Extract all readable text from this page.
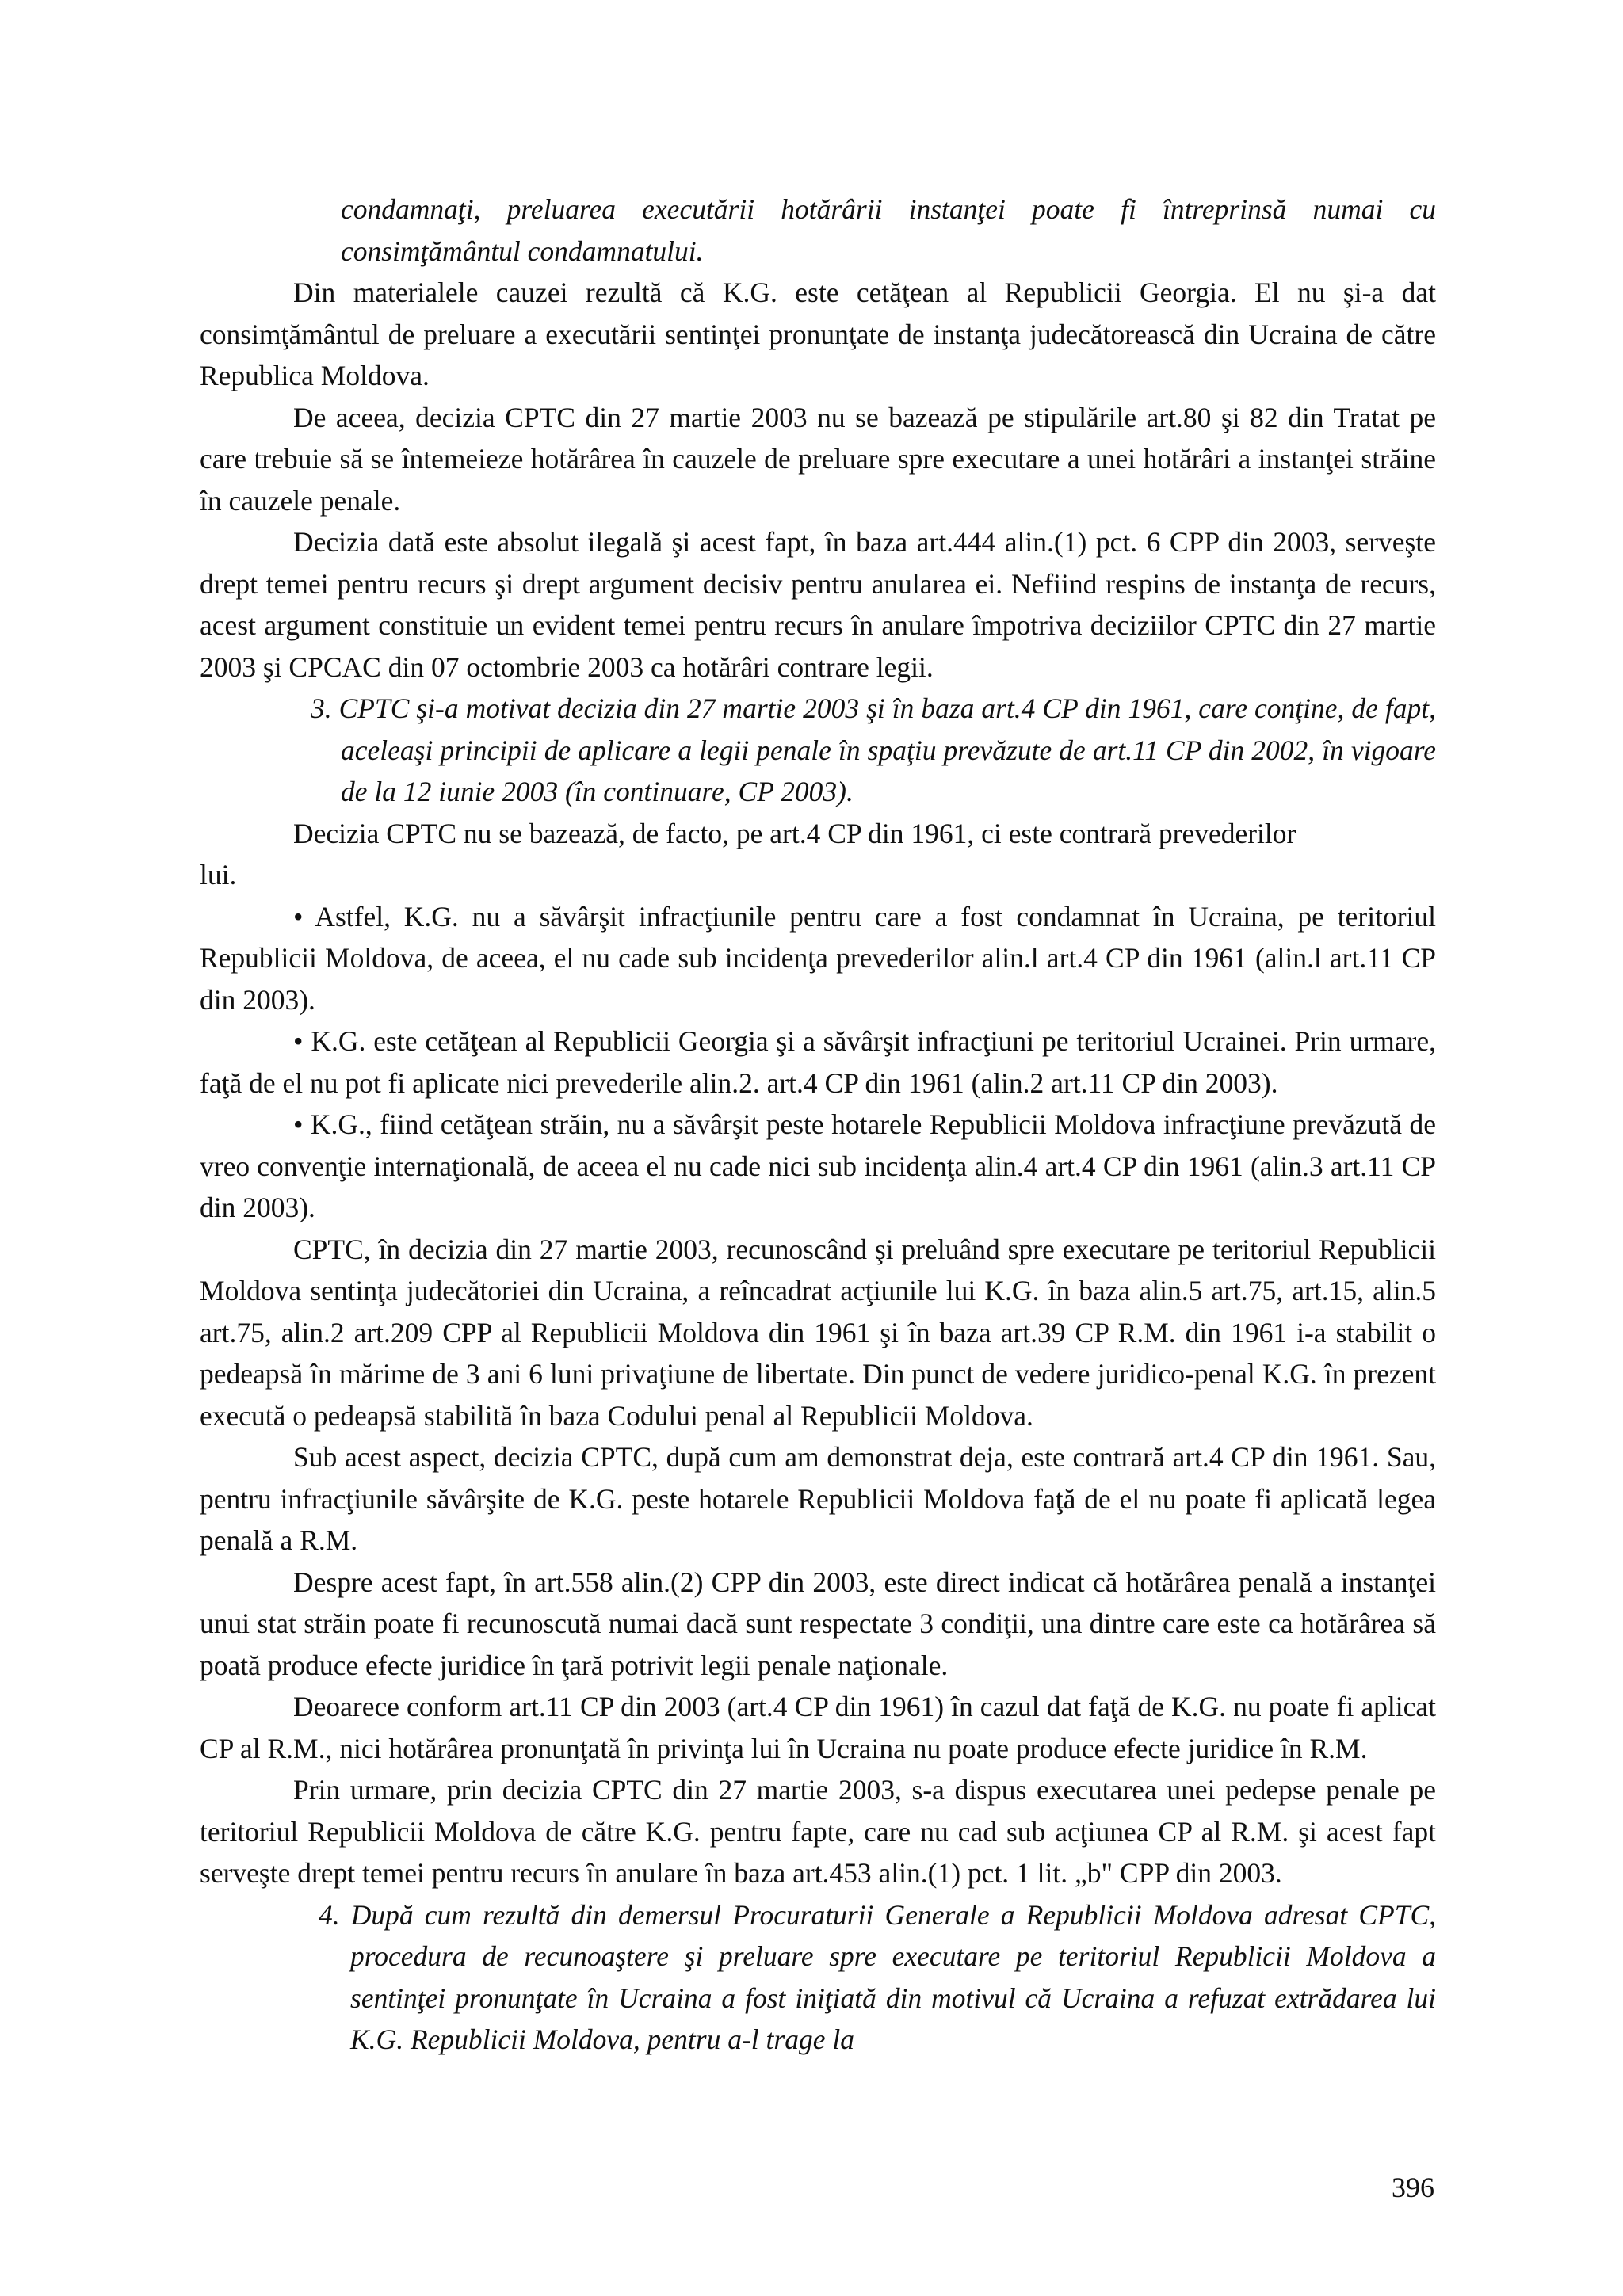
condamnaţi, preluarea executării hotărârii instanţei poate fi întreprinsă numai cu consimţământul condamnatului.

Din materialele cauzei rezultă că K.G. este cetăţean al Republicii Georgia. El nu şi-a dat consimţământul de preluare a executării sentinţei pronunţate de instanţa judecătorească din Ucraina de către Republica Moldova.

De aceea, decizia CPTC din 27 martie 2003 nu se bazează pe stipulările art.80 şi 82 din Tratat pe care trebuie să se întemeieze hotărârea în cauzele de preluare spre executare a unei hotărâri a instanţei străine în cauzele penale.

Decizia dată este absolut ilegală şi acest fapt, în baza art.444 alin.(1) pct. 6 CPP din 2003, serveşte drept temei pentru recurs şi drept argument decisiv pentru anularea ei. Nefiind respins de instanţa de recurs, acest argument constituie un evident temei pentru recurs în anulare împotriva deciziilor CPTC din 27 martie 2003 şi CPCAC din 07 octombrie 2003 ca hotărâri contrare legii.

3. CPTC şi-a motivat decizia din 27 martie 2003 şi în baza art.4 CP din 1961, care conţine, de fapt, aceleaşi principii de aplicare a legii penale în spaţiu prevăzute de art.11 CP din 2002, în vigoare de la 12 iunie 2003 (în continuare, CP 2003).

Decizia CPTC nu se bazează, de facto, pe art.4 CP din 1961, ci este contrară prevederilor

lui.

• Astfel, K.G. nu a săvârşit infracţiunile pentru care a fost condamnat în Ucraina, pe teritoriul Republicii Moldova, de aceea, el nu cade sub incidenţa prevederilor alin.l art.4 CP din 1961 (alin.l art.11 CP din 2003).

• K.G. este cetăţean al Republicii Georgia şi a săvârşit infracţiuni pe teritoriul Ucrainei. Prin urmare, faţă de el nu pot fi aplicate nici prevederile alin.2. art.4 CP din 1961 (alin.2 art.11 CP din 2003).

• K.G., fiind cetăţean străin, nu a săvârşit peste hotarele Republicii Moldova infracţiune prevăzută de vreo convenţie internaţională, de aceea el nu cade nici sub incidenţa alin.4 art.4 CP din 1961 (alin.3 art.11 CP din 2003).

CPTC, în decizia din 27 martie 2003, recunoscând şi preluând spre executare pe teritoriul Republicii Moldova sentinţa judecătoriei din Ucraina, a reîncadrat acţiunile lui K.G. în baza alin.5 art.75, art.15, alin.5 art.75, alin.2 art.209 CPP al Republicii Moldova din 1961 şi în baza art.39 CP R.M. din 1961 i-a stabilit o pedeapsă în mărime de 3 ani 6 luni privaţiune de libertate. Din punct de vedere juridico-penal K.G. în prezent execută o pedeapsă stabilită în baza Codului penal al Republicii Moldova.

Sub acest aspect, decizia CPTC, după cum am demonstrat deja, este contrară art.4 CP din 1961. Sau, pentru infracţiunile săvârşite de K.G. peste hotarele Republicii Moldova faţă de el nu poate fi aplicată legea penală a R.M.

Despre acest fapt, în art.558 alin.(2) CPP din 2003, este direct indicat că hotărârea penală a instanţei unui stat străin poate fi recunoscută numai dacă sunt respectate 3 condiţii, una dintre care este ca hotărârea să poată produce efecte juridice în ţară potrivit legii penale naţionale.

Deoarece conform art.11 CP din 2003 (art.4 CP din 1961) în cazul dat faţă de K.G. nu poate fi aplicat CP al R.M., nici hotărârea pronunţată în privinţa lui în Ucraina nu poate produce efecte juridice în R.M.

Prin urmare, prin decizia CPTC din 27 martie 2003, s-a dispus executarea unei pedepse penale pe teritoriul Republicii Moldova de către K.G. pentru fapte, care nu cad sub acţiunea CP al R.M. şi acest fapt serveşte drept temei pentru recurs în anulare în baza art.453 alin.(1) pct. 1 lit. „b" CPP din 2003.

4. După cum rezultă din demersul Procuraturii Generale a Republicii Moldova adresat CPTC, procedura de recunoaştere şi preluare spre executare pe teritoriul Republicii Moldova a sentinţei pronunţate în Ucraina a fost iniţiată din motivul că Ucraina a refuzat extrădarea lui K.G. Republicii Moldova, pentru a-l trage la

396
